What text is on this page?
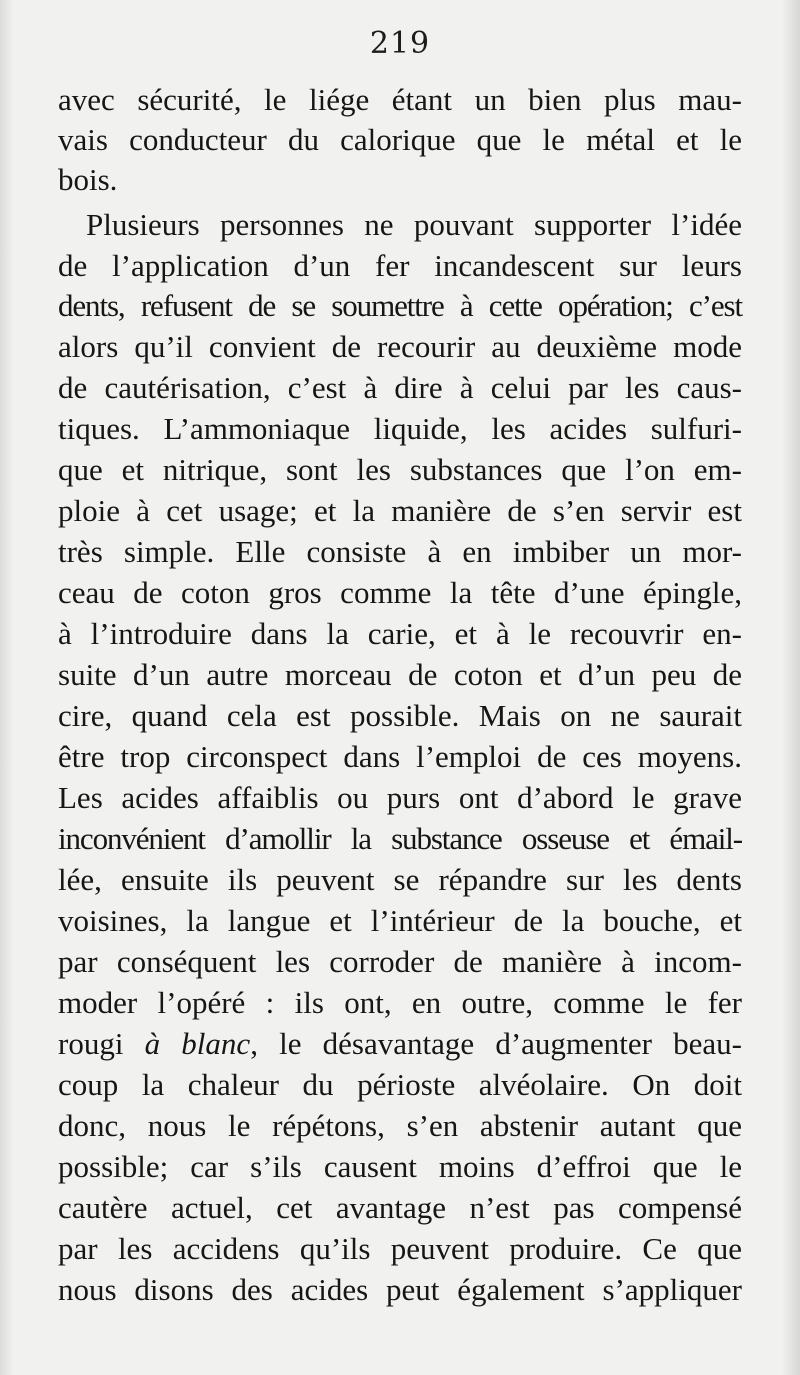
219
avec sécurité, le liége étant un bien plus mau-
vais conducteur du calorique que le métal et le
bois.
Plusieurs personnes ne pouvant supporter l’idée
de l’application d’un fer incandescent sur leurs
dents, refusent de se soumettre à cette opération; c’est
alors qu’il convient de recourir au deuxième mode
de cautérisation, c’est à dire à celui par les caus-
tiques. L’ammoniaque liquide, les acides sulfuri-
que et nitrique, sont les substances que l’on em-
ploie à cet usage; et la manière de s’en servir est
très simple. Elle consiste à en imbiber un mor-
ceau de coton gros comme la tête d’une épingle,
à l’introduire dans la carie, et à le recouvrir en-
suite d’un autre morceau de coton et d’un peu de
cire, quand cela est possible. Mais on ne saurait
être trop circonspect dans l’emploi de ces moyens.
Les acides affaiblis ou purs ont d’abord le grave
inconvénient d’amollir la substance osseuse et émail-
lée, ensuite ils peuvent se répandre sur les dents
voisines, la langue et l’intérieur de la bouche, et
par conséquent les corroder de manière à incom-
moder l’opéré : ils ont, en outre, comme le fer
rougi à blanc, le désavantage d’augmenter beau-
coup la chaleur du périoste alvéolaire. On doit
donc, nous le répétons, s’en abstenir autant que
possible; car s’ils causent moins d’effroi que le
cautère actuel, cet avantage n’est pas compensé
par les accidens qu’ils peuvent produire. Ce que
nous disons des acides peut également s’appliquer
